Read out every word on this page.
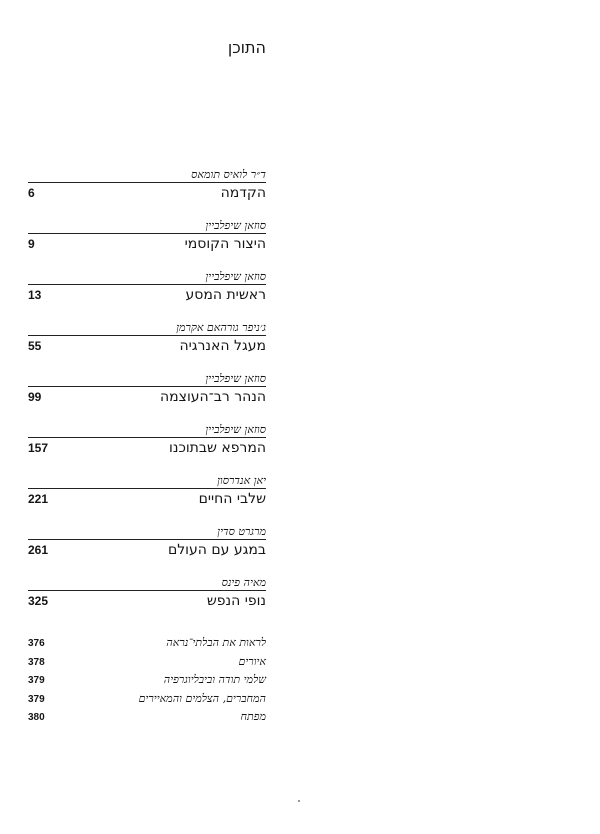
התוכן
ד״ר לואיס תומאס
6	הקדמה
סוזאן שיפלביין
9	היצור הקוסמי
סוזאן שיפלביין
13	ראשית המסע
ג׳ניפר גורהאם אקרמן
55	מעגל האנרגיה
סוזאן שיפלביין
99	הנהר רב־העוצמה
סוזאן שיפלביין
157	המרפא שבתוכנו
יאן אנדרסון
221	שלבי החיים
מרגרט סדין
261	במגע עם העולם
מאיה פינס
325	נופי הנפש
376	לראות את הבלתי־נראה
378	איורים
379	שלמי תודה וביבליוגרפיה
379	המחברים, הצלמים והמאיירים
380	מפתח
